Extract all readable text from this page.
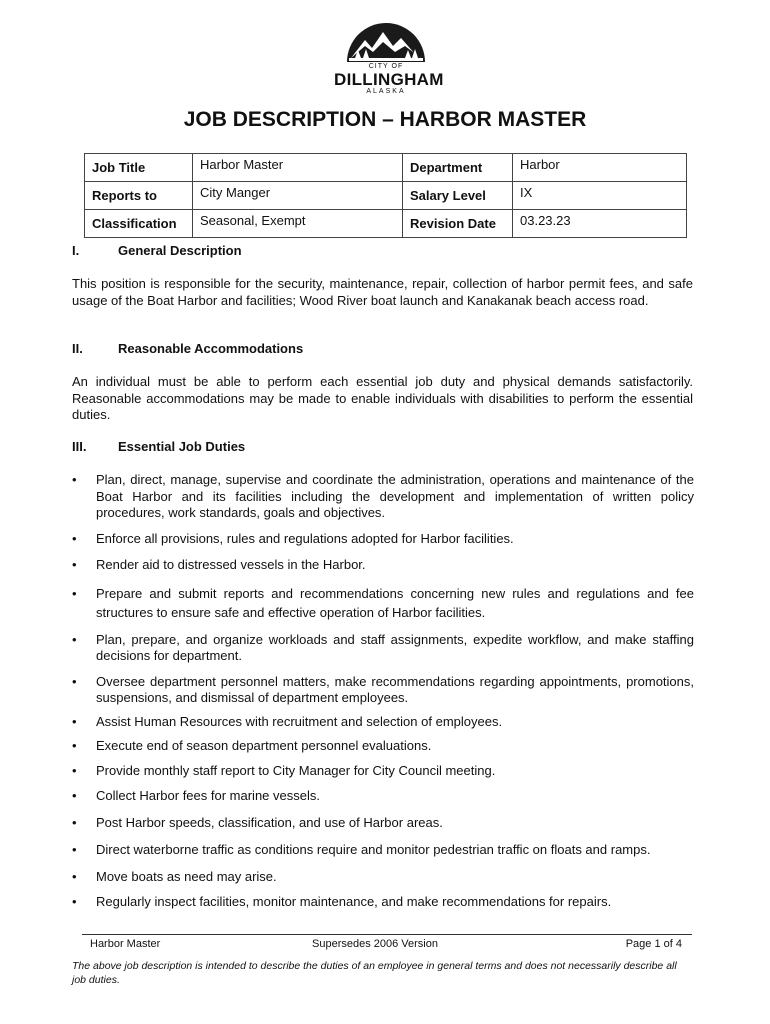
CITY OF
DILLINGHAM
ALASKA
JOB DESCRIPTION – HARBOR MASTER
Job Title	Harbor Master	Department	Harbor
Reports to	City Manger	Salary Level	IX
Classification	Seasonal, Exempt	Revision Date	03.23.23
I.	General Description

This position is responsible for the security, maintenance, repair, collection of harbor permit fees, and safe usage of the Boat Harbor and facilities; Wood River boat launch and Kanakanak beach access road.

II.	Reasonable Accommodations

An individual must be able to perform each essential job duty and physical demands satisfactorily. Reasonable accommodations may be made to enable individuals with disabilities to perform the essential duties.

III. Essential Job Duties
• Plan, direct, manage, supervise and coordinate the administration, operations and maintenance of the Boat Harbor and its facilities including the development and implementation of written policy procedures, work standards, goals and objectives.
• Enforce all provisions, rules and regulations adopted for Harbor facilities.
• Render aid to distressed vessels in the Harbor.
• Prepare and submit reports and recommendations concerning new rules and regulations and fee structures to ensure safe and effective operation of Harbor facilities.
• Plan, prepare, and organize workloads and staff assignments, expedite workflow, and make staffing decisions for department.
• Oversee department personnel matters, make recommendations regarding appointments, promotions, suspensions, and dismissal of department employees.
• Assist Human Resources with recruitment and selection of employees.
• Execute end of season department personnel evaluations.
• Provide monthly staff report to City Manager for City Council meeting.
• Collect Harbor fees for marine vessels.
• Post Harbor speeds, classification, and use of Harbor areas.
• Direct waterborne traffic as conditions require and monitor pedestrian traffic on floats and ramps.
• Move boats as need may arise.
• Regularly inspect facilities, monitor maintenance, and make recommendations for repairs.
Harbor Master	Supersedes 2006 Version	Page 1 of 4

The above job description is intended to describe the duties of an employee in general terms and does not necessarily describe all job duties.
